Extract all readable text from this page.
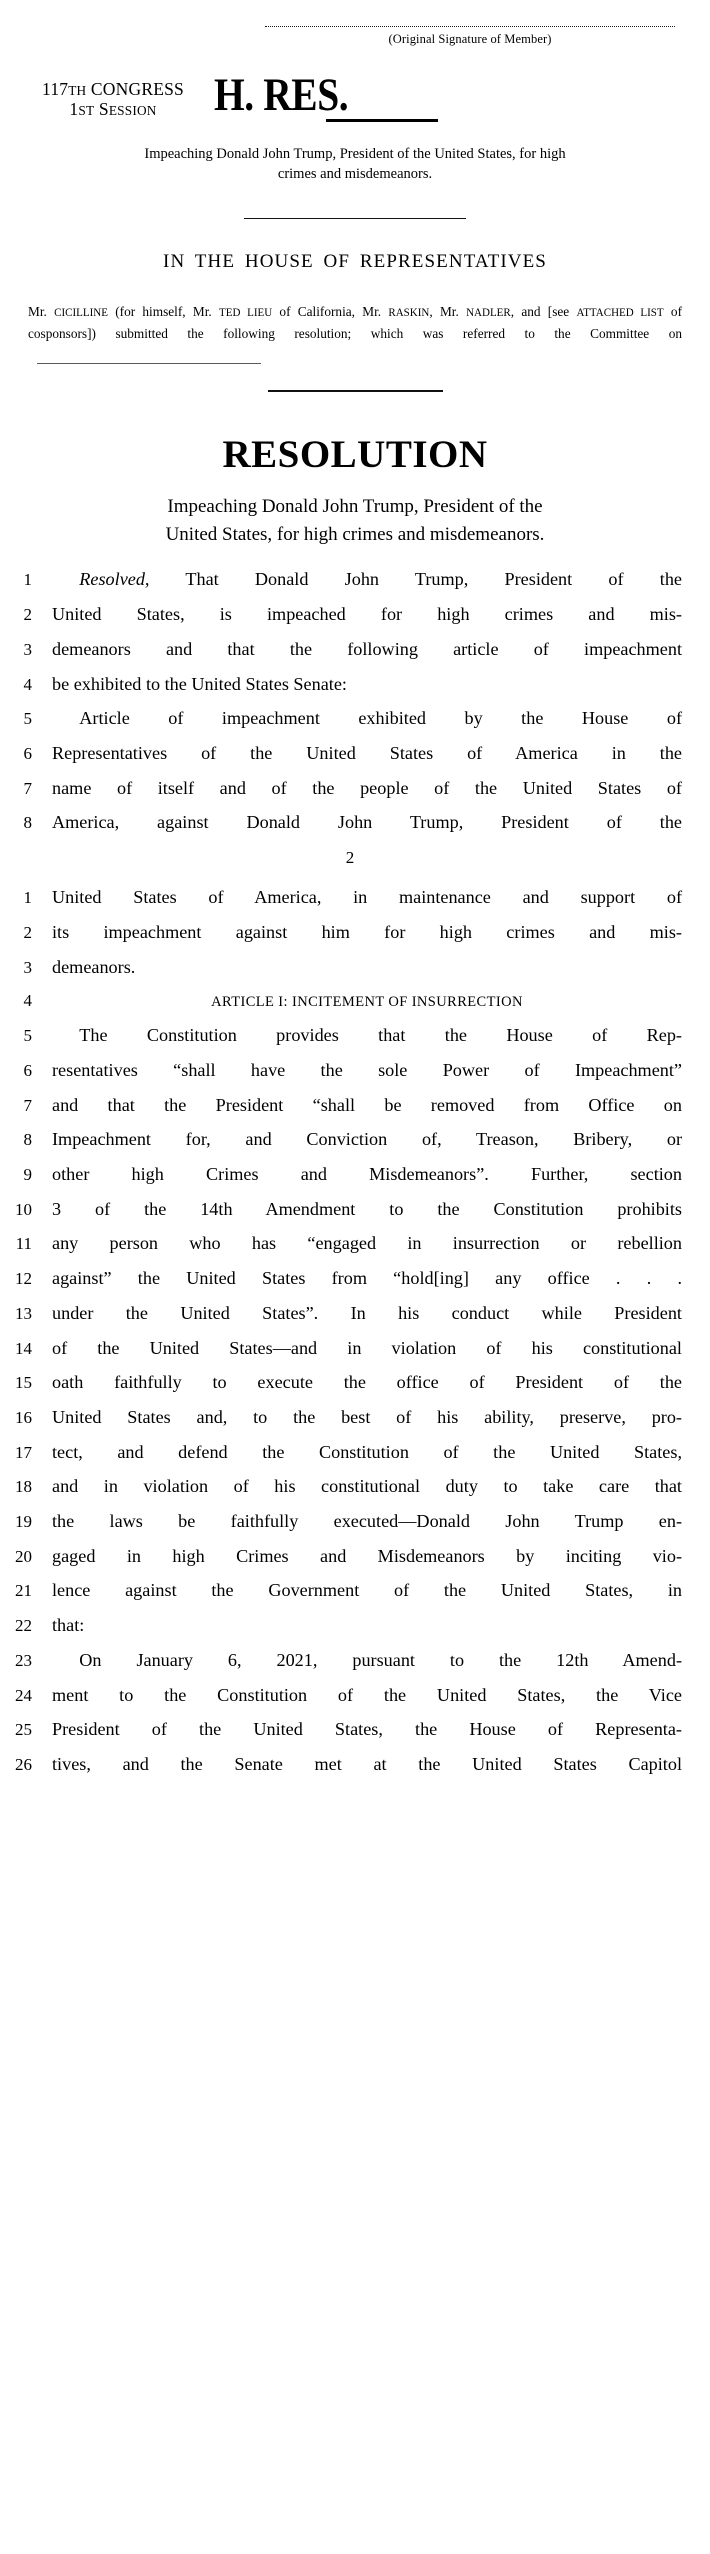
(Original Signature of Member)
117TH CONGRESS
1ST SESSION	H. RES.
Impeaching Donald John Trump, President of the United States, for high crimes and misdemeanors.
IN THE HOUSE OF REPRESENTATIVES
Mr. CICILLINE (for himself, Mr. TED LIEU of California, Mr. RASKIN, Mr. NADLER, and [see ATTACHED LIST of cosponsors]) submitted the following resolution; which was referred to the Committee on
RESOLUTION
Impeaching Donald John Trump, President of the United States, for high crimes and misdemeanors.
1
  	Resolved, That Donald John Trump, President of the
2	United States, is impeached for high crimes and mis-
3	demeanors and that the following article of impeachment
4	be exhibited to the United States Senate:
5	  Article of impeachment exhibited by the House of
6	Representatives of the United States of America in the
7	name of itself and of the people of the United States of
8	America, against Donald John Trump, President of the
2
1	United States of America, in maintenance and support of
2	its impeachment against him for high crimes and mis-
3	demeanors.
4	ARTICLE I: INCITEMENT OF INSURRECTION
5	  The Constitution provides that the House of Rep-
6	resentatives “shall have the sole Power of Impeachment”
7	and that the President “shall be removed from Office on
8	Impeachment for, and Conviction of, Treason, Bribery, or
9	other high Crimes and Misdemeanors”. Further, section
10	3 of the 14th Amendment to the Constitution prohibits
11	any person who has “engaged in insurrection or rebellion
12	against” the United States from “hold[ing] any office . . .
13	under the United States”. In his conduct while President
14	of the United States—and in violation of his constitutional
15	oath faithfully to execute the office of President of the
16	United States and, to the best of his ability, preserve, pro-
17	tect, and defend the Constitution of the United States,
18	and in violation of his constitutional duty to take care that
19	the laws be faithfully executed—Donald John Trump en-
20	gaged in high Crimes and Misdemeanors by inciting vio-
21	lence against the Government of the United States, in
22	that:
23	  On January 6, 2021, pursuant to the 12th Amend-
24	ment to the Constitution of the United States, the Vice
25	President of the United States, the House of Representa-
26	tives, and the Senate met at the United States Capitol
